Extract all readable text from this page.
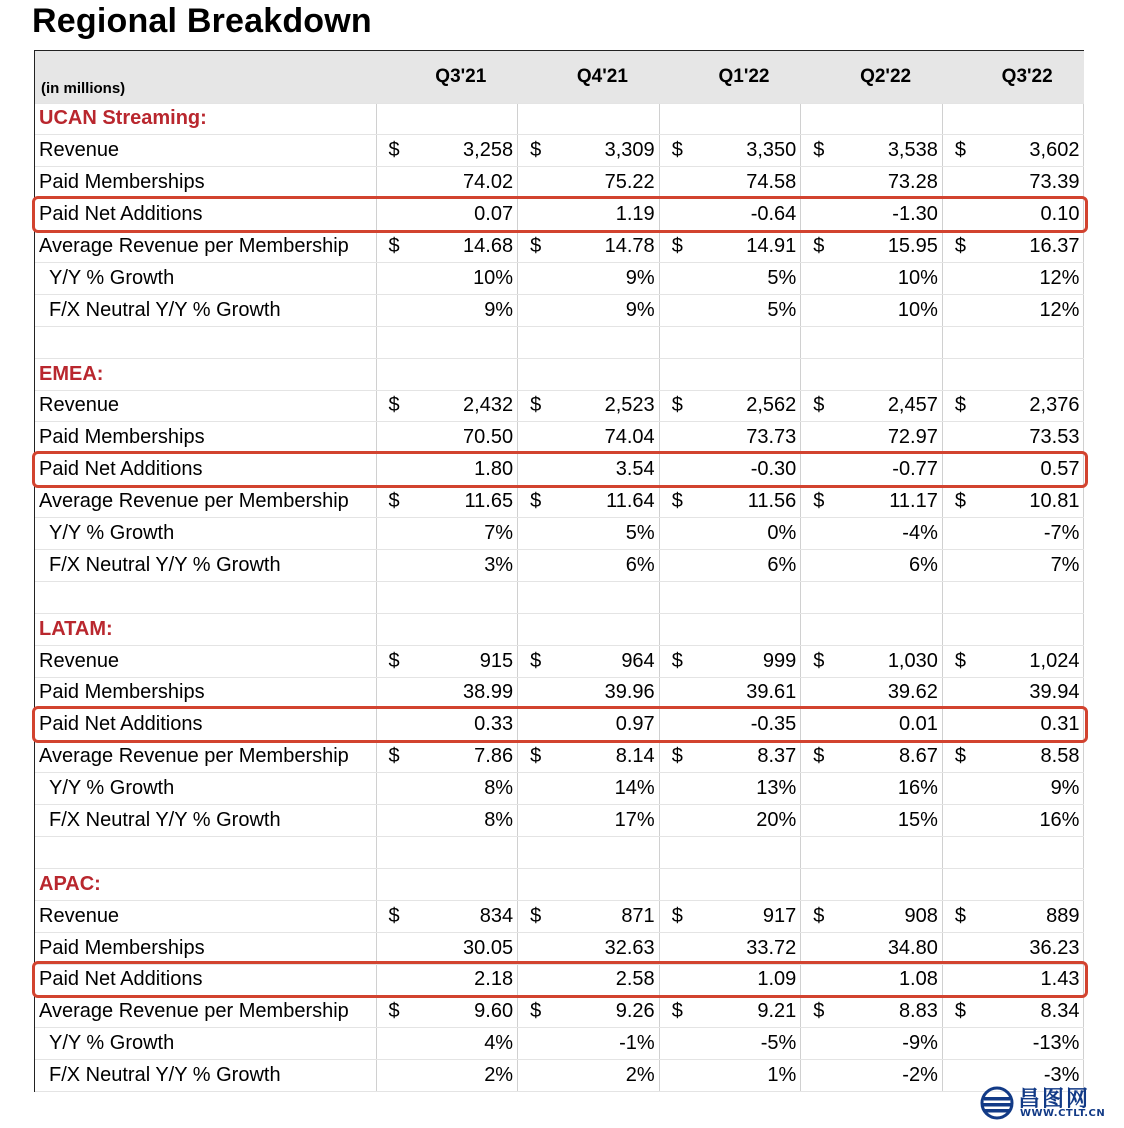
Regional Breakdown
(in millions)	Q3'21	Q4'21	Q1'22	Q2'22	Q3'22
UCAN Streaming:					
Revenue	$ 3,258	$ 3,309	$ 3,350	$ 3,538	$ 3,602

Paid Memberships	74.02	75.22	74.58	73.28	73.39

Paid Net Additions	0.07	1.19	-0.64	-1.30	0.10

Average Revenue per Membership	$ 14.68	$ 14.78	$ 14.91	$ 15.95	$ 16.37

Y/Y % Growth	10%	9%	5%	10%	12%

F/X Neutral Y/Y % Growth	9%	9%	5%	10%	12%

EMEA:					
Revenue	$ 2,432	$ 2,523	$ 2,562	$ 2,457	$ 2,376

Paid Memberships	70.50	74.04	73.73	72.97	73.53

Paid Net Additions	1.80	3.54	-0.30	-0.77	0.57

Average Revenue per Membership	$ 11.65	$ 11.64	$ 11.56	$ 11.17	$ 10.81

Y/Y % Growth	7%	5%	0%	-4%	-7%

F/X Neutral Y/Y % Growth	3%	6%	6%	6%	7%

LATAM:					
Revenue	$ 915	$ 964	$ 999	$ 1,030	$ 1,024

Paid Memberships	38.99	39.96	39.61	39.62	39.94

Paid Net Additions	0.33	0.97	-0.35	0.01	0.31

Average Revenue per Membership	$ 7.86	$ 8.14	$ 8.37	$ 8.67	$ 8.58

Y/Y % Growth	8%	14%	13%	16%	9%

F/X Neutral Y/Y % Growth	8%	17%	20%	15%	16%

APAC:					
Revenue	$ 834	$ 871	$ 917	$ 908	$ 889

Paid Memberships	30.05	32.63	33.72	34.80	36.23

Paid Net Additions	2.18	2.58	1.09	1.08	1.43

Average Revenue per Membership	$ 9.60	$ 9.26	$ 9.21	$ 8.83	$ 8.34

Y/Y % Growth	4%	-1%	-5%	-9%	-13%

F/X Neutral Y/Y % Growth	2%	2%	1%	-2%	-3%
昌图网
WWW.CTLT.CN
